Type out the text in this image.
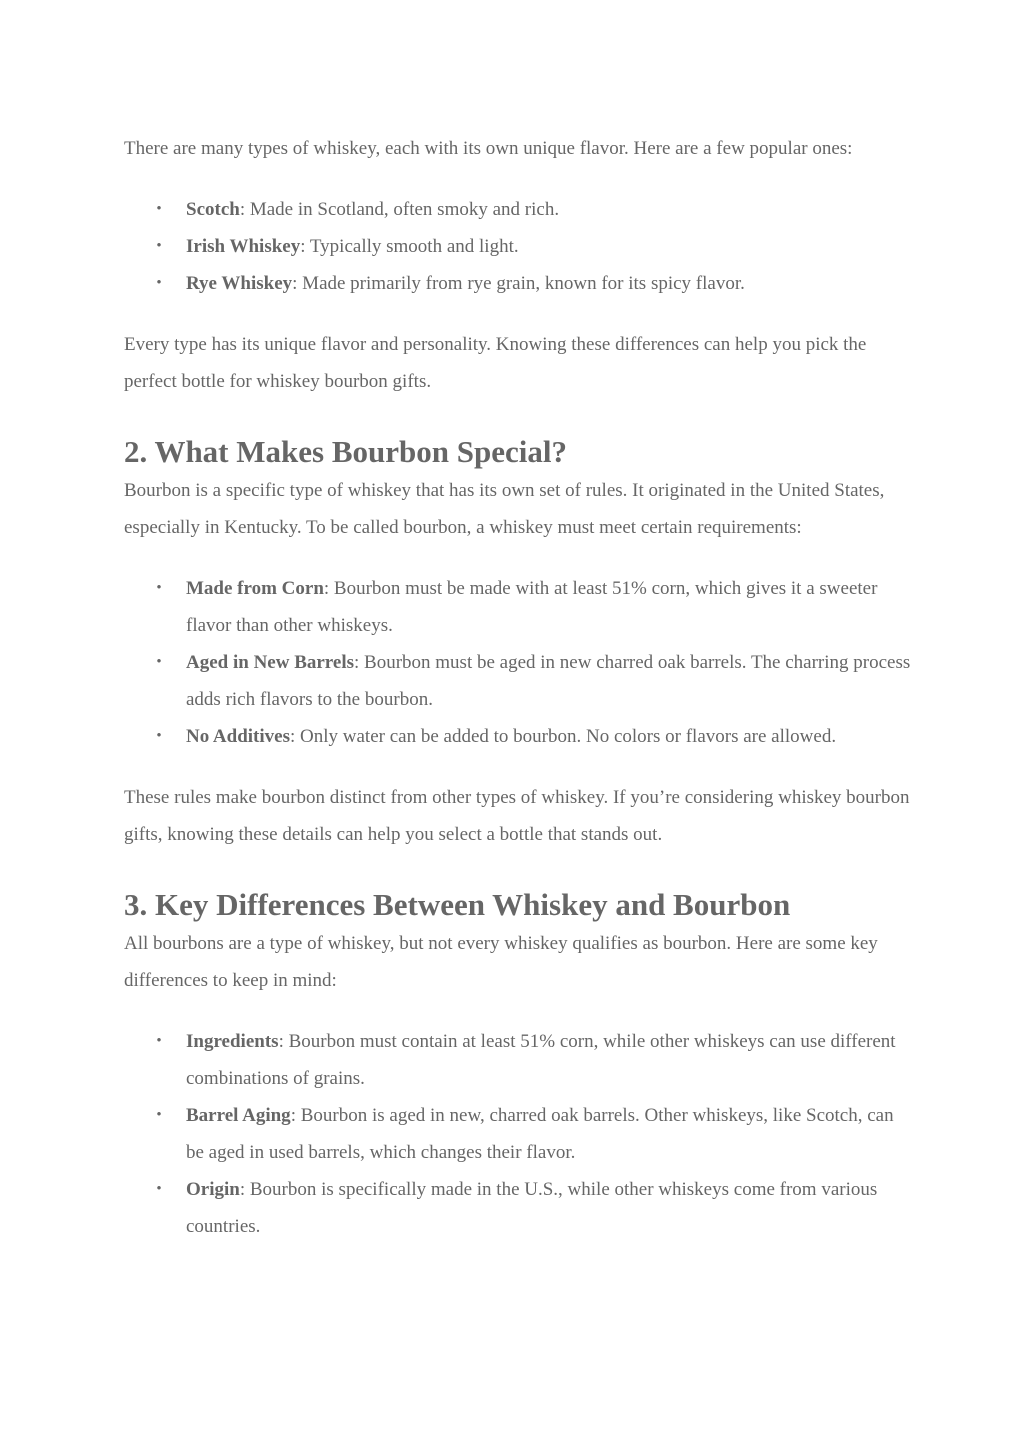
There are many types of whiskey, each with its own unique flavor. Here are a few popular ones:

• Scotch: Made in Scotland, often smoky and rich.
• Irish Whiskey: Typically smooth and light.
• Rye Whiskey: Made primarily from rye grain, known for its spicy flavor.

Every type has its unique flavor and personality. Knowing these differences can help you pick the perfect bottle for whiskey bourbon gifts.

2. What Makes Bourbon Special?

Bourbon is a specific type of whiskey that has its own set of rules. It originated in the United States, especially in Kentucky. To be called bourbon, a whiskey must meet certain requirements:

• Made from Corn: Bourbon must be made with at least 51% corn, which gives it a sweeter flavor than other whiskeys.
• Aged in New Barrels: Bourbon must be aged in new charred oak barrels. The charring process adds rich flavors to the bourbon.
• No Additives: Only water can be added to bourbon. No colors or flavors are allowed.

These rules make bourbon distinct from other types of whiskey. If you’re considering whiskey bourbon gifts, knowing these details can help you select a bottle that stands out.

3. Key Differences Between Whiskey and Bourbon

All bourbons are a type of whiskey, but not every whiskey qualifies as bourbon. Here are some key differences to keep in mind:

• Ingredients: Bourbon must contain at least 51% corn, while other whiskeys can use different combinations of grains.
• Barrel Aging: Bourbon is aged in new, charred oak barrels. Other whiskeys, like Scotch, can be aged in used barrels, which changes their flavor.
• Origin: Bourbon is specifically made in the U.S., while other whiskeys come from various countries.
